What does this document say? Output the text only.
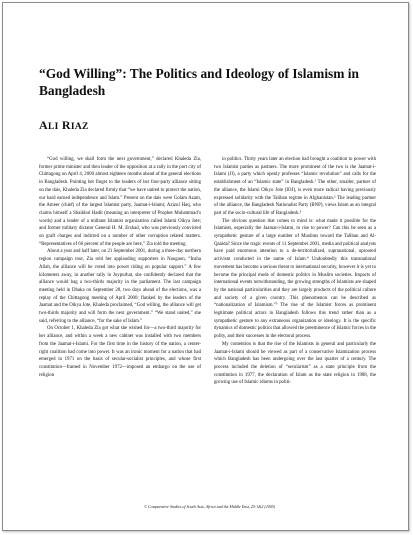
“God Willing”: The Politics and Ideology of Islamism in Bangladesh
ALI RIAZ

“God willing, we shall form the next government,” declared Khaleda Zia, former prime minister and then leader of the opposition at a rally in the port city of Chittagong on April 4, 2000 almost eighteen months ahead of the general elections in Bangladesh. Pointing her finger to the leaders of her four-party alliance sitting on the dais, Khaleda Zia declared firmly that “we have united to protect the nation, our hard earned independence and Islam.” Present on the dais were Golam Azam, the Ameer (chief) of the largest Islamist party, Jaamat-i-Islami; Azizul Haq, who claims himself a Shaikhul Hadit (meaning an interpreter of Prophet Muhammad’s words) and a leader of a militant Islamist organization called Islami Oikya Jote; and former military dictator General H. M. Ershad, who was previously convicted on graft charges and indicted on a number of other corruption related matters. “Representatives of 66 percent of the people are here,” Zia told the meeting.

About a year and half later, on 21 September 2001, during a three-day northern region campaign tour, Zia told her applauding supporters in Naogaon, “Insha Allah, the alliance will be voted into power riding on popular support.” A few kilometers away, in another rally in Joypurhat, she confidently declared that the alliance would bag a two-thirds majority in the parliament. The last campaign meeting held in Dhaka on September 28, two days ahead of the elections, was a replay of the Chittagong meeting of April 2000; flanked by the leaders of the Jaamat and the Oikya Jote, Khaleda proclaimed, “God willing, the alliance will get two-thirds majority and will form the next government.” “We stand united,” she said, referring to the alliance, “for the sake of Islam.”

On October 1, Khaleda Zia got what she wished for—a two-third majority for her alliance, and within a week a new cabinet was installed with two members from the Jaamat-i-Islami. For the first time in the history of the nation, a center-right coalition had come into power. It was an ironic moment for a nation that had emerged in 1971 on the basis of secular-socialist principles, and whose first constitution—framed in November 1972—imposed an embargo on the use of religion

in politics. Thirty years later an election had brought a coalition to power with two Islamist parties as partners. The more prominent of the two is the Jaamat-i-Islami (JI), a party which openly professes “Islamic revolution” and calls for the establishment of an “Islamic state” in Bangladesh.¹ The other, smaller, partner of the alliance, the Islami Oikyo Jote (IOJ), is even more radical having previously expressed solidarity with the Taliban regime in Afghanistan.² The leading partner of the alliance, the Bangladesh Nationalist Party (BNP), views Islam as an integral part of the socio-cultural life of Bangladesh.³

The obvious question that comes to mind is: what made it possible for the Islamists, especially the Jaamat-i-Islami, to rise to power? Can this be seen as a sympathetic gesture of a large number of Muslims toward the Taliban and Al-Qaaida? Since the tragic events of 11 September 2001, media and political analysts have paid enormous attention to a de-territorialized, supranational, uprooted activism conducted in the name of Islam.⁴ Undoubtedly this transnational movement has become a serious threat to international security, however it is yet to become the principal mode of domestic politics in Muslim societies. Impacts of international events notwithstanding, the growing strengths of Islamists are shaped by the national particularities and they are largely products of the political culture and society of a given country. This phenomenon can be described as “nationalization of Islamism.”⁵ The rise of the Islamist forces as prominent legitimate political actors in Bangladesh follows this trend rather than as a sympathetic gesture to any extraneous organization or ideology. It is the specific dynamics of domestic politics that allowed the preeminence of Islamic forces in the polity, and their successes in the electoral process.

My contention is that the rise of the Islamists in general and particularly the Jaamat-i-Islami should be viewed as part of a conservative Islamization process which Bangladesh has been undergoing over the last quarter of a century. The process included the deletion of “secularism” as a state principle from the constitution in 1977, the declaration of Islam as the state religion in 1988, the growing use of Islamic idioms in politi-

© Comparative Studies of South Asia, Africa and the Middle East, 25:1&2 (2005)
